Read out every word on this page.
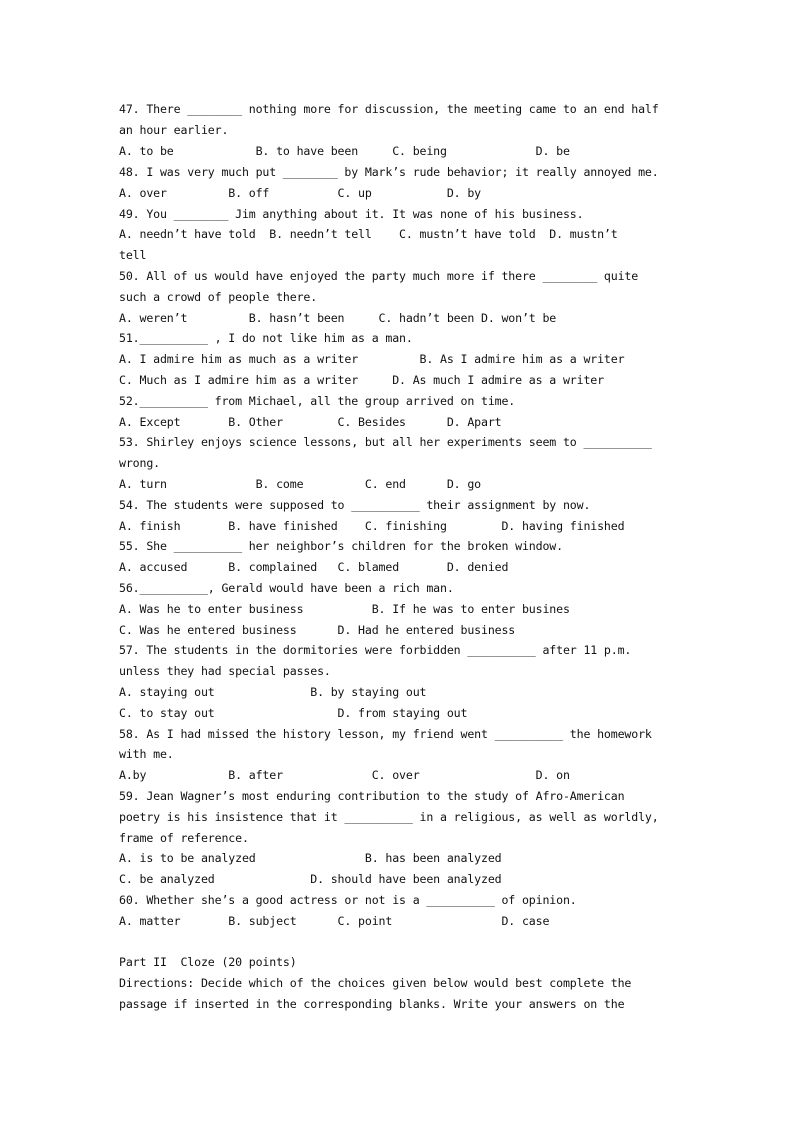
47. There ________ nothing more for discussion, the meeting came to an end half
an hour earlier.
A. to be            B. to have been     C. being             D. be
48. I was very much put ________ by Mark’s rude behavior; it really annoyed me.
A. over         B. off          C. up           D. by
49. You ________ Jim anything about it. It was none of his business.
A. needn’t have told  B. needn’t tell    C. mustn’t have told  D. mustn’t
tell
50. All of us would have enjoyed the party much more if there ________ quite
such a crowd of people there.
A. weren’t         B. hasn’t been     C. hadn’t been D. won’t be
51.__________ , I do not like him as a man.
A. I admire him as much as a writer         B. As I admire him as a writer
C. Much as I admire him as a writer     D. As much I admire as a writer
52.__________ from Michael, all the group arrived on time.
A. Except       B. Other        C. Besides      D. Apart
53. Shirley enjoys science lessons, but all her experiments seem to __________
wrong.
A. turn             B. come         C. end      D. go
54. The students were supposed to __________ their assignment by now.
A. finish       B. have finished    C. finishing        D. having finished
55. She __________ her neighbor’s children for the broken window.
A. accused      B. complained   C. blamed       D. denied
56.__________, Gerald would have been a rich man.
A. Was he to enter business          B. If he was to enter busines
C. Was he entered business      D. Had he entered business
57. The students in the dormitories were forbidden __________ after 11 p.m.
unless they had special passes.
A. staying out              B. by staying out
C. to stay out                  D. from staying out
58. As I had missed the history lesson, my friend went __________ the homework
with me.
A.by            B. after             C. over                 D. on
59. Jean Wagner’s most enduring contribution to the study of Afro-American
poetry is his insistence that it __________ in a religious, as well as worldly,
frame of reference.
A. is to be analyzed                B. has been analyzed
C. be analyzed              D. should have been analyzed
60. Whether she’s a good actress or not is a __________ of opinion.
A. matter       B. subject      C. point                D. case
Part II  Cloze (20 points)
Directions: Decide which of the choices given below would best complete the
passage if inserted in the corresponding blanks. Write your answers on the
